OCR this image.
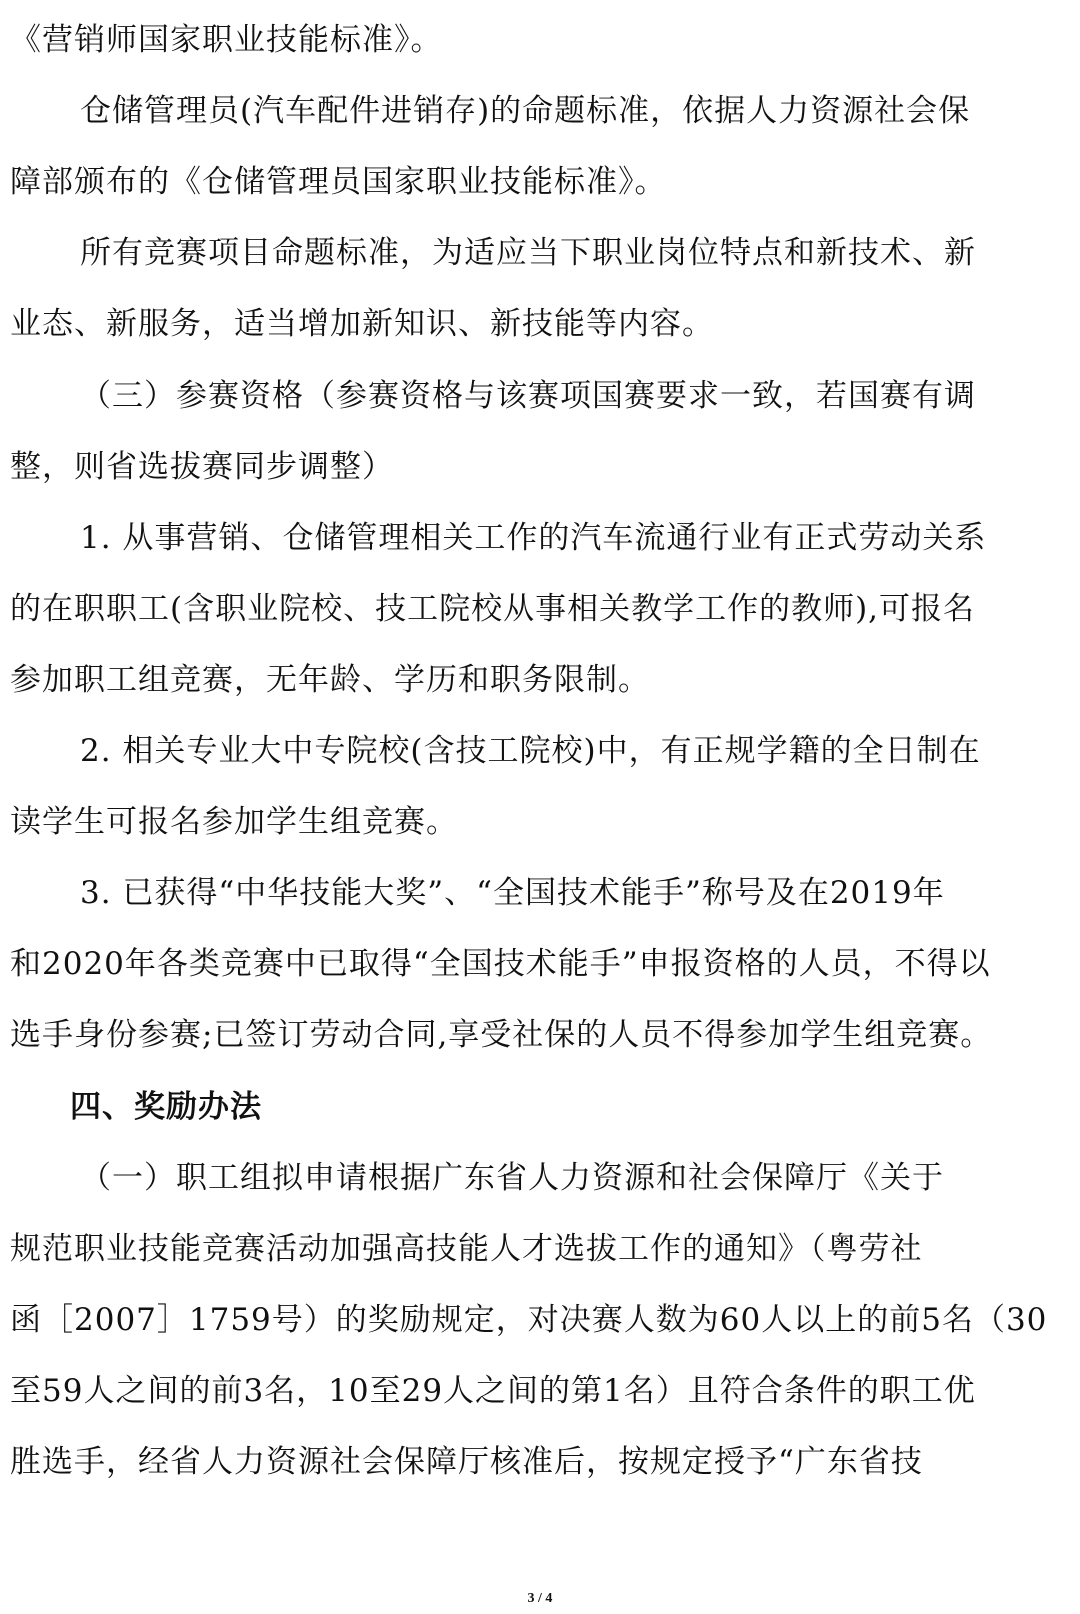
《营销师国家职业技能标准》。
仓储管理员(汽车配件进销存)的命题标准，依据人力资源社会保
障部颁布的《仓储管理员国家职业技能标准》。
所有竞赛项目命题标准，为适应当下职业岗位特点和新技术、新
业态、新服务，适当增加新知识、新技能等内容。
（三）参赛资格（参赛资格与该赛项国赛要求一致，若国赛有调
整，则省选拔赛同步调整）
1. 从事营销、仓储管理相关工作的汽车流通行业有正式劳动关系
的在职职工(含职业院校、技工院校从事相关教学工作的教师),可报名
参加职工组竞赛，无年龄、学历和职务限制。
2. 相关专业大中专院校(含技工院校)中，有正规学籍的全日制在
读学生可报名参加学生组竞赛。
3. 已获得“中华技能大奖”、“全国技术能手”称号及在2019年
和2020年各类竞赛中已取得“全国技术能手”申报资格的人员，不得以
选手身份参赛;已签订劳动合同,享受社保的人员不得参加学生组竞赛。
四、奖励办法
（一）职工组拟申请根据广东省人力资源和社会保障厅《关于
规范职业技能竞赛活动加强高技能人才选拔工作的通知》（粤劳社
函［2007］1759号）的奖励规定，对决赛人数为60人以上的前5名（30
至59人之间的前3名，10至29人之间的第1名）且符合条件的职工优
胜选手，经省人力资源社会保障厅核准后，按规定授予“广东省技
3 / 4
